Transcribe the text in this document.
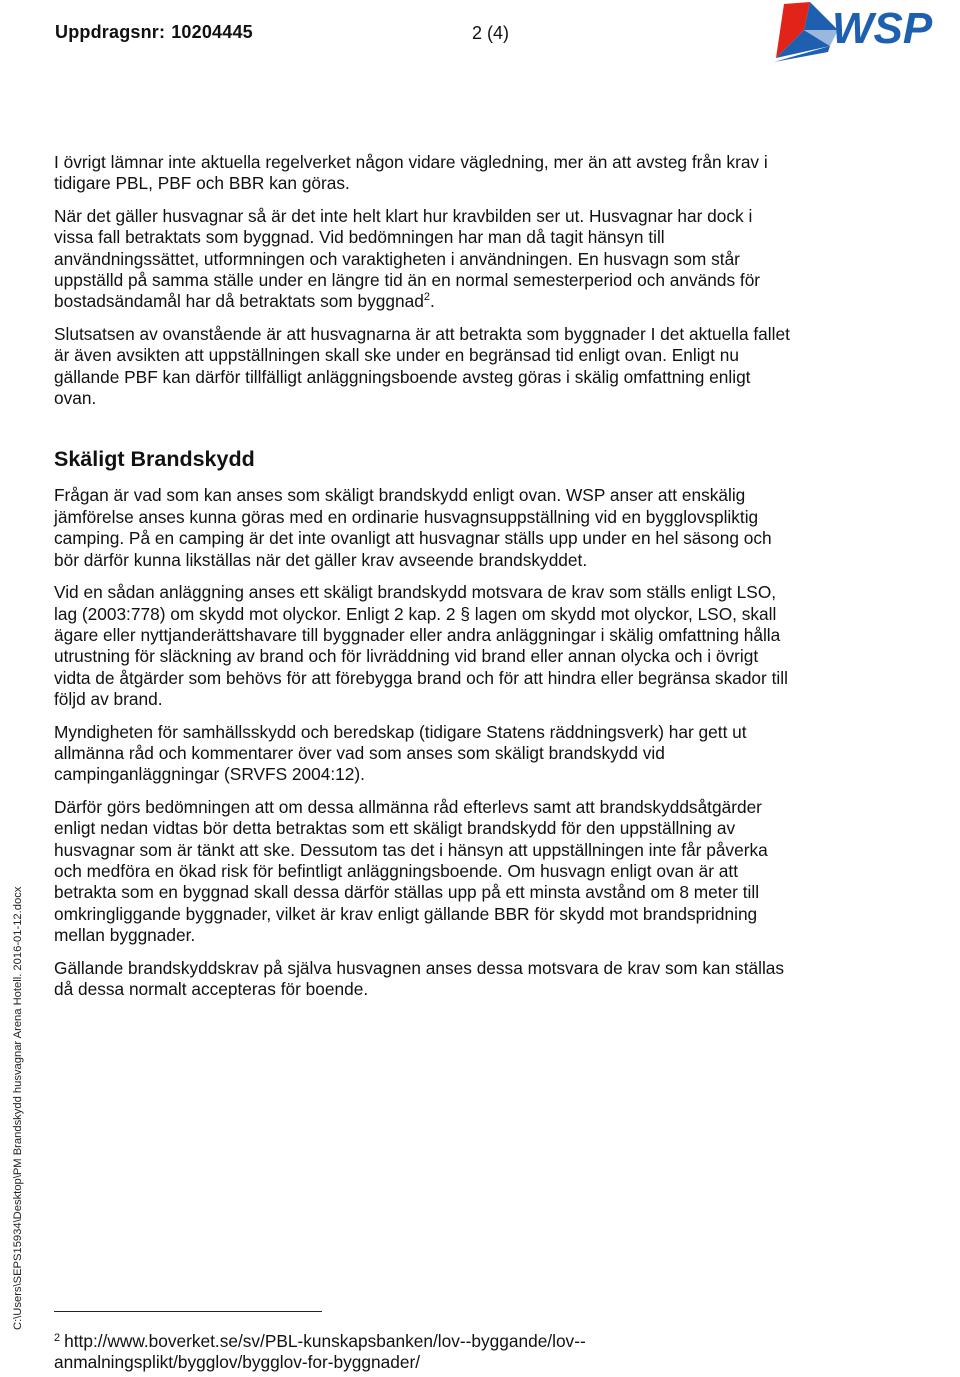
Uppdragsnr: 10204445	2 (4)	WSP
C:\Users\SEPS15934\Desktop\PM Brandskydd husvagnar Arena Hotell. 2016-01-12.docx

I övrigt lämnar inte aktuella regelverket någon vidare vägledning, mer än att avsteg från krav i tidigare PBL, PBF och BBR kan göras.

När det gäller husvagnar så är det inte helt klart hur kravbilden ser ut. Husvagnar har dock i vissa fall betraktats som byggnad. Vid bedömningen har man då tagit hänsyn till användningssättet, utformningen och varaktigheten i användningen. En husvagn som står uppställd på samma ställe under en längre tid än en normal semesterperiod och används för bostadsändamål har då betraktats som byggnad$^2$.

Slutsatsen av ovanstående är att husvagnarna är att betrakta som byggnader I det aktuella fallet är även avsikten att uppställningen skall ske under en begränsad tid enligt ovan. Enligt nu gällande PBF kan därför tillfälligt anläggningsboende avsteg göras i skälig omfattning enligt ovan.

Skäligt Brandskydd

Frågan är vad som kan anses som skäligt brandskydd enligt ovan. WSP anser att enskälig jämförelse anses kunna göras med en ordinarie husvagnsuppställning vid en bygglovspliktig camping. På en camping är det inte ovanligt att husvagnar ställs upp under en hel säsong och bör därför kunna likställas när det gäller krav avseende brandskyddet.

Vid en sådan anläggning anses ett skäligt brandskydd motsvara de krav som ställs enligt LSO, lag (2003:778) om skydd mot olyckor. Enligt 2 kap. 2 § lagen om skydd mot olyckor, LSO, skall ägare eller nyttjanderättshavare till byggnader eller andra anläggningar i skälig omfattning hålla utrustning för släckning av brand och för livräddning vid brand eller annan olycka och i övrigt vidta de åtgärder som behövs för att förebygga brand och för att hindra eller begränsa skador till följd av brand.

Myndigheten för samhällsskydd och beredskap (tidigare Statens räddningsverk) har gett ut allmänna råd och kommentarer över vad som anses som skäligt brandskydd vid campinganläggningar (SRVFS 2004:12).

Därför görs bedömningen att om dessa allmänna råd efterlevs samt att brandskyddsåtgärder enligt nedan vidtas bör detta betraktas som ett skäligt brandskydd för den uppställning av husvagnar som är tänkt att ske. Dessutom tas det i hänsyn att uppställningen inte får påverka och medföra en ökad risk för befintligt anläggningsboende. Om husvagn enligt ovan är att betrakta som en byggnad skall dessa därför ställas upp på ett minsta avstånd om 8 meter till omkringliggande byggnader, vilket är krav enligt gällande BBR för skydd mot brandspridning mellan byggnader.

Gällande brandskyddskrav på själva husvagnen anses dessa motsvara de krav som kan ställas då dessa normalt accepteras för boende.

$^2$ http://www.boverket.se/sv/PBL-kunskapsbanken/lov--byggande/lov--anmalningsplikt/bygglov/bygglov-for-byggnader/
